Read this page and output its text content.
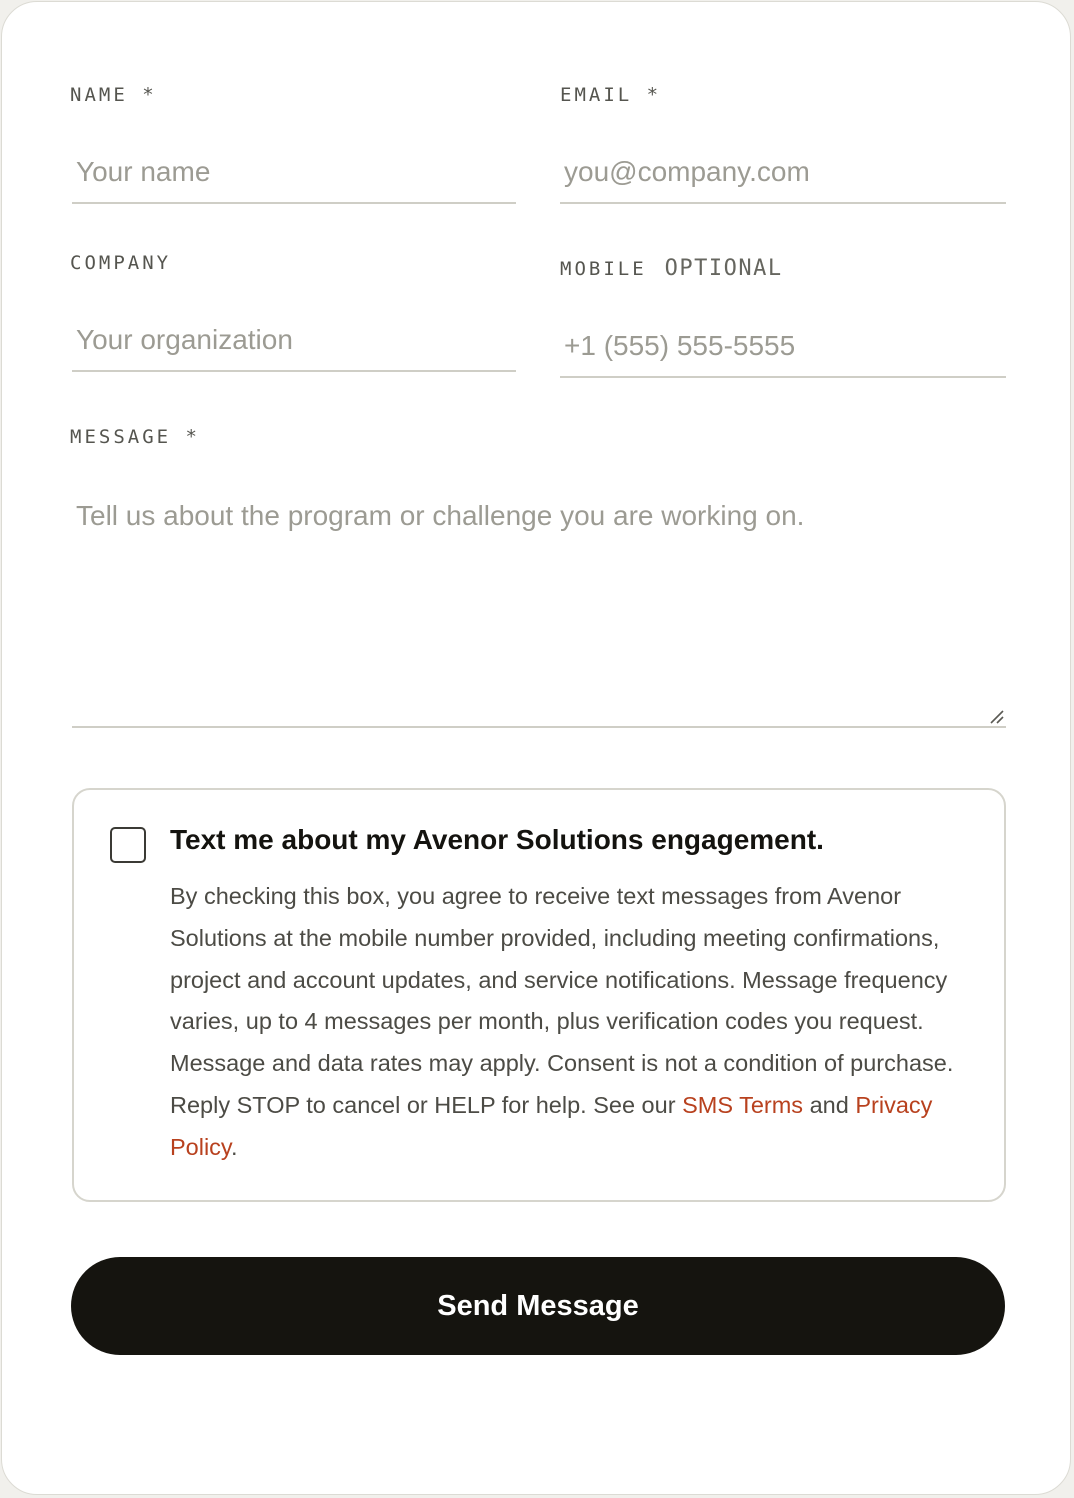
NAME *
Your name	EMAIL *
you@company.com
COMPANY
Your organization	MOBILE OPTIONAL
+1 (555) 555-5555
MESSAGE *
Tell us about the program or challenge you are working on.
Text me about my Avenor Solutions engagement.
By checking this box, you agree to receive text messages from Avenor Solutions at the mobile number provided, including meeting confirmations, project and account updates, and service notifications. Message frequency varies, up to 4 messages per month, plus verification codes you request. Message and data rates may apply. Consent is not a condition of purchase. Reply STOP to cancel or HELP for help. See our SMS Terms and Privacy Policy.
Send Message
